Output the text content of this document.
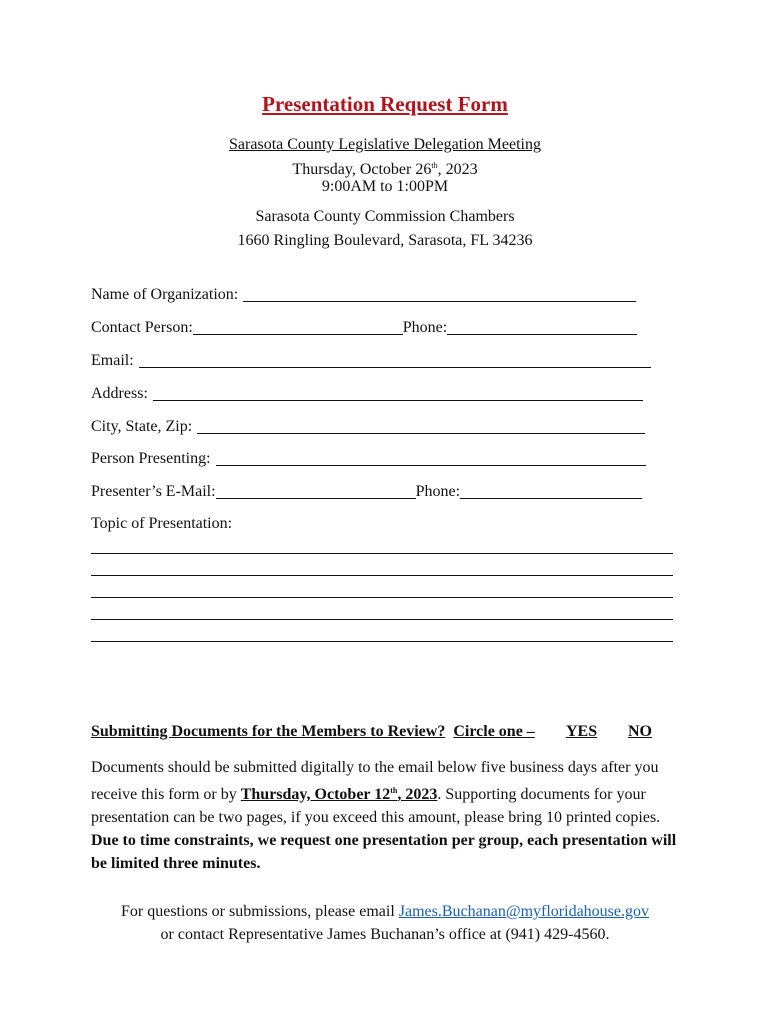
Presentation Request Form
Sarasota County Legislative Delegation Meeting
Thursday, October 26th, 2023
9:00AM to 1:00PM
Sarasota County Commission Chambers
1660 Ringling Boulevard, Sarasota, FL 34236
Name of Organization:
Contact Person:	Phone:
Email:
Address:
City, State, Zip:
Person Presenting:
Presenter’s E-Mail:	Phone:
Topic of Presentation:
Submitting Documents for the Members to Review? Circle one – YES NO
Documents should be submitted digitally to the email below five business days after you receive this form or by Thursday, October 12th, 2023. Supporting documents for your presentation can be two pages, if you exceed this amount, please bring 10 printed copies. Due to time constraints, we request one presentation per group, each presentation will be limited three minutes.
For questions or submissions, please email James.Buchanan@myfloridahouse.gov
or contact Representative James Buchanan’s office at (941) 429-4560.
